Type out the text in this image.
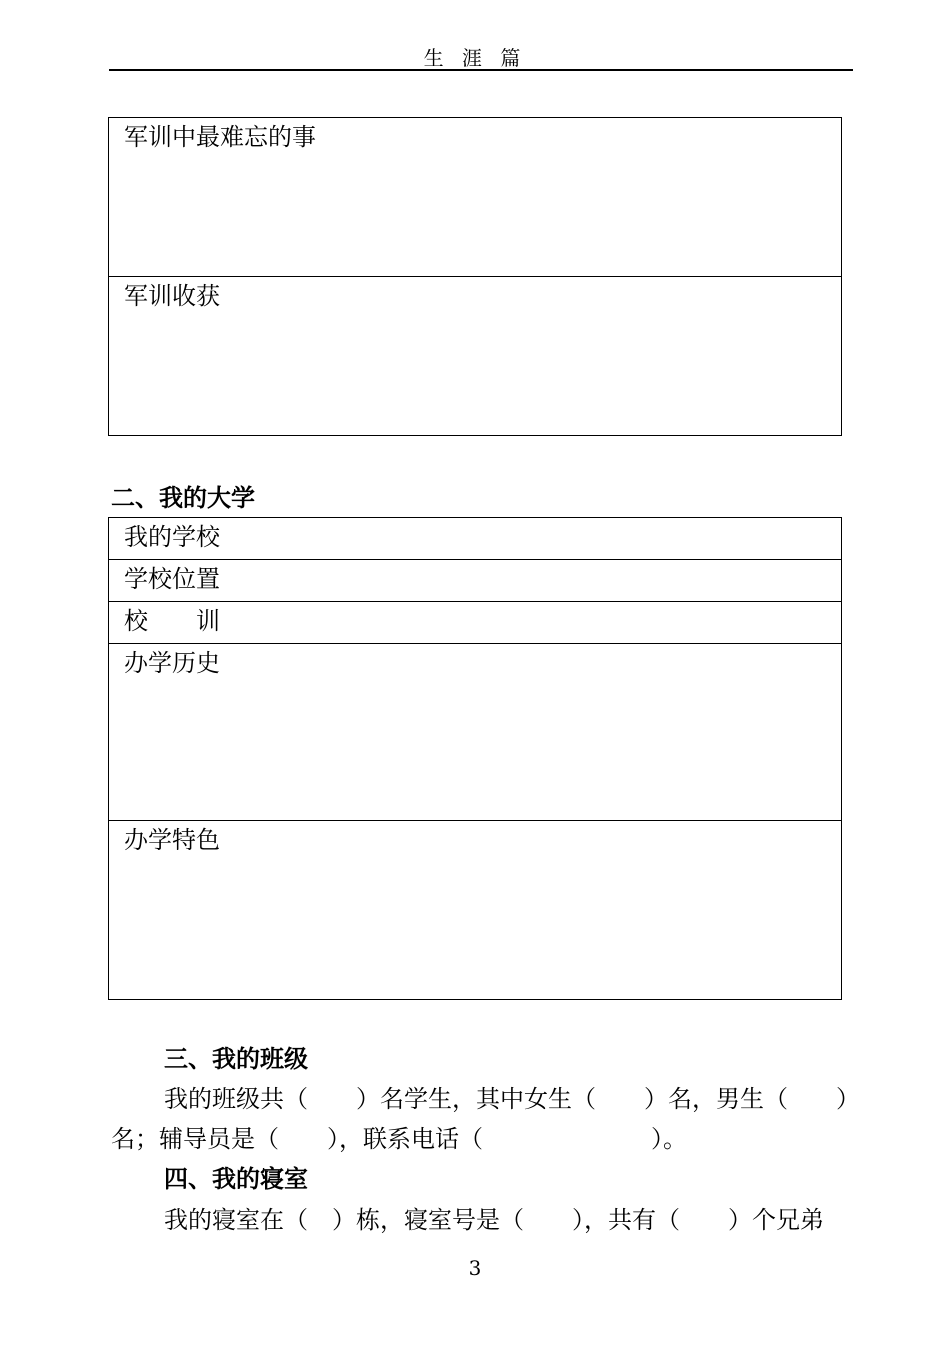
生 涯 篇
军训中最难忘的事
军训收获
二、我的大学
我的学校
学校位置
校　　训
办学历史
办学特色
三、我的班级
我的班级共（　　）名学生，其中女生（　　）名，男生（　　）
名；辅导员是（　　），联系电话（　　　　　　　）。
四、我的寝室
我的寝室在（　）栋，寝室号是（　　），共有（　　）个兄弟
3
